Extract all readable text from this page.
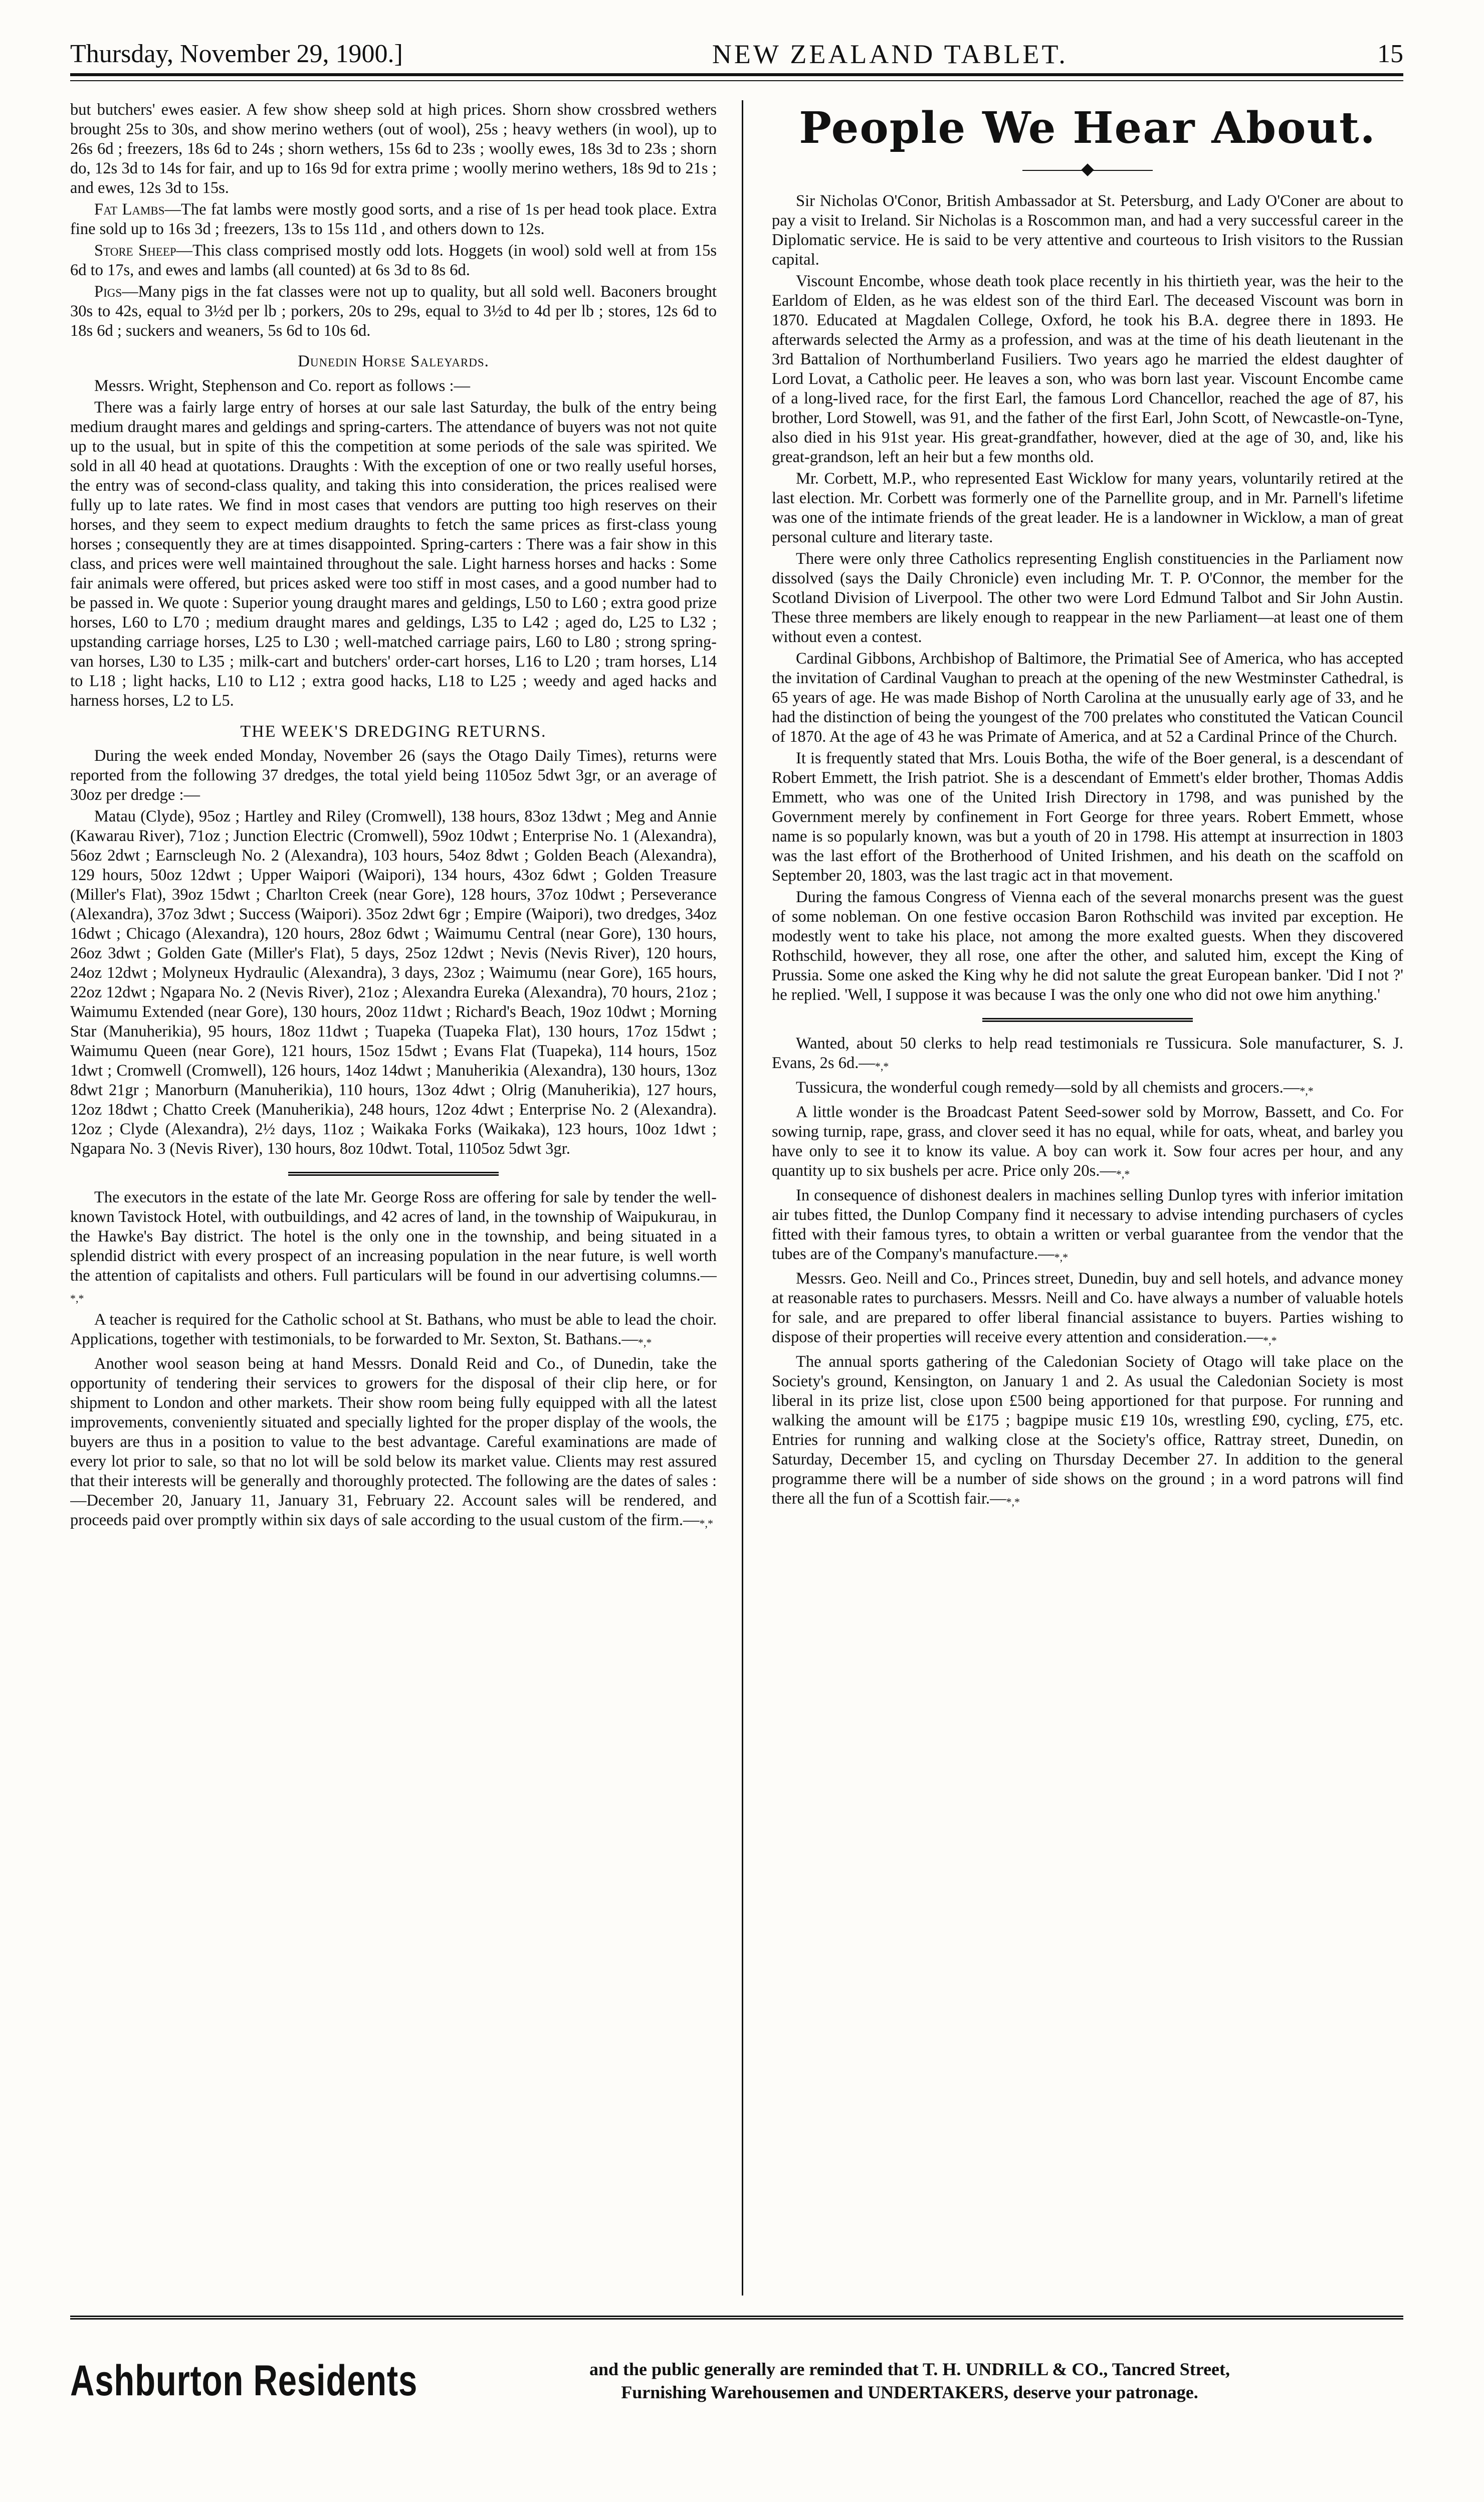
Thursday, November 29, 1900.]	NEW ZEALAND TABLET.	15

but butchers' ewes easier. A few show sheep sold at high prices. Shorn show crossbred wethers brought 25s to 30s, and show merino wethers (out of wool), 25s ; heavy wethers (in wool), up to 26s 6d ; freezers, 18s 6d to 24s ; shorn wethers, 15s 6d to 23s ; woolly ewes, 18s 3d to 23s ; shorn do, 12s 3d to 14s for fair, and up to 16s 9d for extra prime ; woolly merino wethers, 18s 9d to 21s ; and ewes, 12s 3d to 15s.

Fat Lambs—The fat lambs were mostly good sorts, and a rise of 1s per head took place. Extra fine sold up to 16s 3d ; freezers, 13s to 15s 11d , and others down to 12s.

Store Sheep—This class comprised mostly odd lots. Hoggets (in wool) sold well at from 15s 6d to 17s, and ewes and lambs (all counted) at 6s 3d to 8s 6d.

Pigs—Many pigs in the fat classes were not up to quality, but all sold well. Baconers brought 30s to 42s, equal to 3½d per lb ; porkers, 20s to 29s, equal to 3½d to 4d per lb ; stores, 12s 6d to 18s 6d ; suckers and weaners, 5s 6d to 10s 6d.

Dunedin Horse Saleyards.

Messrs. Wright, Stephenson and Co. report as follows :—

There was a fairly large entry of horses at our sale last Saturday, the bulk of the entry being medium draught mares and geldings and spring-carters. The attendance of buyers was not not quite up to the usual, but in spite of this the competition at some periods of the sale was spirited. We sold in all 40 head at quotations. Draughts : With the exception of one or two really useful horses, the entry was of second-class quality, and taking this into consideration, the prices realised were fully up to late rates. We find in most cases that vendors are putting too high reserves on their horses, and they seem to expect medium draughts to fetch the same prices as first-class young horses ; consequently they are at times disappointed. Spring-carters : There was a fair show in this class, and prices were well maintained throughout the sale. Light harness horses and hacks : Some fair animals were offered, but prices asked were too stiff in most cases, and a good number had to be passed in. We quote : Superior young draught mares and geldings, L50 to L60 ; extra good prize horses, L60 to L70 ; medium draught mares and geldings, L35 to L42 ; aged do, L25 to L32 ; upstanding carriage horses, L25 to L30 ; well-matched carriage pairs, L60 to L80 ; strong spring-van horses, L30 to L35 ; milk-cart and butchers' order-cart horses, L16 to L20 ; tram horses, L14 to L18 ; light hacks, L10 to L12 ; extra good hacks, L18 to L25 ; weedy and aged hacks and harness horses, L2 to L5.

THE WEEK'S DREDGING RETURNS.

During the week ended Monday, November 26 (says the Otago Daily Times), returns were reported from the following 37 dredges, the total yield being 1105oz 5dwt 3gr, or an average of 30oz per dredge :—

Matau (Clyde), 95oz ; Hartley and Riley (Cromwell), 138 hours, 83oz 13dwt ; Meg and Annie (Kawarau River), 71oz ; Junction Electric (Cromwell), 59oz 10dwt ; Enterprise No. 1 (Alexandra), 56oz 2dwt ; Earnscleugh No. 2 (Alexandra), 103 hours, 54oz 8dwt ; Golden Beach (Alexandra), 129 hours, 50oz 12dwt ; Upper Waipori (Waipori), 134 hours, 43oz 6dwt ; Golden Treasure (Miller's Flat), 39oz 15dwt ; Charlton Creek (near Gore), 128 hours, 37oz 10dwt ; Perseverance (Alexandra), 37oz 3dwt ; Success (Waipori). 35oz 2dwt 6gr ; Empire (Waipori), two dredges, 34oz 16dwt ; Chicago (Alexandra), 120 hours, 28oz 6dwt ; Waimumu Central (near Gore), 130 hours, 26oz 3dwt ; Golden Gate (Miller's Flat), 5 days, 25oz 12dwt ; Nevis (Nevis River), 120 hours, 24oz 12dwt ; Molyneux Hydraulic (Alexandra), 3 days, 23oz ; Waimumu (near Gore), 165 hours, 22oz 12dwt ; Ngapara No. 2 (Nevis River), 21oz ; Alexandra Eureka (Alexandra), 70 hours, 21oz ; Waimumu Extended (near Gore), 130 hours, 20oz 11dwt ; Richard's Beach, 19oz 10dwt ; Morning Star (Manuherikia), 95 hours, 18oz 11dwt ; Tuapeka (Tuapeka Flat), 130 hours, 17oz 15dwt ; Waimumu Queen (near Gore), 121 hours, 15oz 15dwt ; Evans Flat (Tuapeka), 114 hours, 15oz 1dwt ; Cromwell (Cromwell), 126 hours, 14oz 14dwt ; Manuherikia (Alexandra), 130 hours, 13oz 8dwt 21gr ; Manorburn (Manuherikia), 110 hours, 13oz 4dwt ; Olrig (Manuherikia), 127 hours, 12oz 18dwt ; Chatto Creek (Manuherikia), 248 hours, 12oz 4dwt ; Enterprise No. 2 (Alexandra). 12oz ; Clyde (Alexandra), 2½ days, 11oz ; Waikaka Forks (Waikaka), 123 hours, 10oz 1dwt ; Ngapara No. 3 (Nevis River), 130 hours, 8oz 10dwt. Total, 1105oz 5dwt 3gr.

The executors in the estate of the late Mr. George Ross are offering for sale by tender the well-known Tavistock Hotel, with outbuildings, and 42 acres of land, in the township of Waipukurau, in the Hawke's Bay district. The hotel is the only one in the township, and being situated in a splendid district with every prospect of an increasing population in the near future, is well worth the attention of capitalists and others. Full particulars will be found in our advertising columns.—*,*

A teacher is required for the Catholic school at St. Bathans, who must be able to lead the choir. Applications, together with testimonials, to be forwarded to Mr. Sexton, St. Bathans.—*,*

Another wool season being at hand Messrs. Donald Reid and Co., of Dunedin, take the opportunity of tendering their services to growers for the disposal of their clip here, or for shipment to London and other markets. Their show room being fully equipped with all the latest improvements, conveniently situated and specially lighted for the proper display of the wools, the buyers are thus in a position to value to the best advantage. Careful examinations are made of every lot prior to sale, so that no lot will be sold below its market value. Clients may rest assured that their interests will be generally and thoroughly protected. The following are the dates of sales :—December 20, January 11, January 31, February 22. Account sales will be rendered, and proceeds paid over promptly within six days of sale according to the usual custom of the firm.—*,*

People We Hear About.

Sir Nicholas O'Conor, British Ambassador at St. Petersburg, and Lady O'Coner are about to pay a visit to Ireland. Sir Nicholas is a Roscommon man, and had a very successful career in the Diplomatic service. He is said to be very attentive and courteous to Irish visitors to the Russian capital.

Viscount Encombe, whose death took place recently in his thirtieth year, was the heir to the Earldom of Elden, as he was eldest son of the third Earl. The deceased Viscount was born in 1870. Educated at Magdalen College, Oxford, he took his B.A. degree there in 1893. He afterwards selected the Army as a profession, and was at the time of his death lieutenant in the 3rd Battalion of Northumberland Fusiliers. Two years ago he married the eldest daughter of Lord Lovat, a Catholic peer. He leaves a son, who was born last year. Viscount Encombe came of a long-lived race, for the first Earl, the famous Lord Chancellor, reached the age of 87, his brother, Lord Stowell, was 91, and the father of the first Earl, John Scott, of Newcastle-on-Tyne, also died in his 91st year. His great-grandfather, however, died at the age of 30, and, like his great-grandson, left an heir but a few months old.

Mr. Corbett, M.P., who represented East Wicklow for many years, voluntarily retired at the last election. Mr. Corbett was formerly one of the Parnellite group, and in Mr. Parnell's lifetime was one of the intimate friends of the great leader. He is a landowner in Wicklow, a man of great personal culture and literary taste.

There were only three Catholics representing English constituencies in the Parliament now dissolved (says the Daily Chronicle) even including Mr. T. P. O'Connor, the member for the Scotland Division of Liverpool. The other two were Lord Edmund Talbot and Sir John Austin. These three members are likely enough to reappear in the new Parliament—at least one of them without even a contest.

Cardinal Gibbons, Archbishop of Baltimore, the Primatial See of America, who has accepted the invitation of Cardinal Vaughan to preach at the opening of the new Westminster Cathedral, is 65 years of age. He was made Bishop of North Carolina at the unusually early age of 33, and he had the distinction of being the youngest of the 700 prelates who constituted the Vatican Council of 1870. At the age of 43 he was Primate of America, and at 52 a Cardinal Prince of the Church.

It is frequently stated that Mrs. Louis Botha, the wife of the Boer general, is a descendant of Robert Emmett, the Irish patriot. She is a descendant of Emmett's elder brother, Thomas Addis Emmett, who was one of the United Irish Directory in 1798, and was punished by the Government merely by confinement in Fort George for three years. Robert Emmett, whose name is so popularly known, was but a youth of 20 in 1798. His attempt at insurrection in 1803 was the last effort of the Brotherhood of United Irishmen, and his death on the scaffold on September 20, 1803, was the last tragic act in that movement.

During the famous Congress of Vienna each of the several monarchs present was the guest of some nobleman. On one festive occasion Baron Rothschild was invited par exception. He modestly went to take his place, not among the more exalted guests. When they discovered Rothschild, however, they all rose, one after the other, and saluted him, except the King of Prussia. Some one asked the King why he did not salute the great European banker. 'Did I not ?' he replied. 'Well, I suppose it was because I was the only one who did not owe him anything.'

Wanted, about 50 clerks to help read testimonials re Tussicura. Sole manufacturer, S. J. Evans, 2s 6d.—*,*

Tussicura, the wonderful cough remedy—sold by all chemists and grocers.—*,*

A little wonder is the Broadcast Patent Seed-sower sold by Morrow, Bassett, and Co. For sowing turnip, rape, grass, and clover seed it has no equal, while for oats, wheat, and barley you have only to see it to know its value. A boy can work it. Sow four acres per hour, and any quantity up to six bushels per acre. Price only 20s.—*,*

In consequence of dishonest dealers in machines selling Dunlop tyres with inferior imitation air tubes fitted, the Dunlop Company find it necessary to advise intending purchasers of cycles fitted with their famous tyres, to obtain a written or verbal guarantee from the vendor that the tubes are of the Company's manufacture.—*,*

Messrs. Geo. Neill and Co., Princes street, Dunedin, buy and sell hotels, and advance money at reasonable rates to purchasers. Messrs. Neill and Co. have always a number of valuable hotels for sale, and are prepared to offer liberal financial assistance to buyers. Parties wishing to dispose of their properties will receive every attention and consideration.—*,*

The annual sports gathering of the Caledonian Society of Otago will take place on the Society's ground, Kensington, on January 1 and 2. As usual the Caledonian Society is most liberal in its prize list, close upon £500 being apportioned for that purpose. For running and walking the amount will be £175 ; bagpipe music £19 10s, wrestling £90, cycling, £75, etc. Entries for running and walking close at the Society's office, Rattray street, Dunedin, on Saturday, December 15, and cycling on Thursday December 27. In addition to the general programme there will be a number of side shows on the ground ; in a word patrons will find there all the fun of a Scottish fair.—*,*

Ashburton Residents	and the public generally are reminded that T. H. UNDRILL & CO., Tancred Street,
Furnishing Warehousemen and UNDERTAKERS, deserve your patronage.
